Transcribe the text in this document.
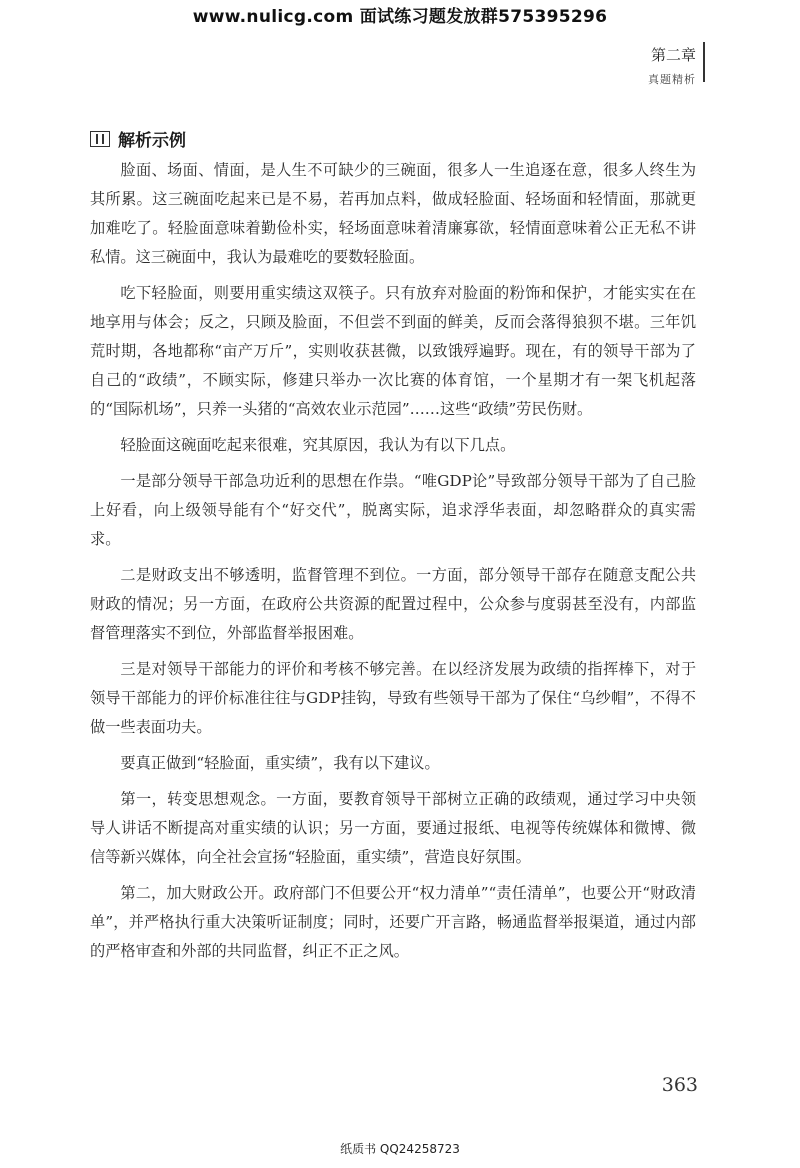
www.nulicg.com 面试练习题发放群575395296
第二章
真题精析
解析示例

脸面、场面、情面，是人生不可缺少的三碗面，很多人一生追逐在意，很多人终生为其所累。这三碗面吃起来已是不易，若再加点料，做成轻脸面、轻场面和轻情面，那就更加难吃了。轻脸面意味着勤俭朴实，轻场面意味着清廉寡欲，轻情面意味着公正无私不讲私情。这三碗面中，我认为最难吃的要数轻脸面。

吃下轻脸面，则要用重实绩这双筷子。只有放弃对脸面的粉饰和保护，才能实实在在地享用与体会；反之，只顾及脸面，不但尝不到面的鲜美，反而会落得狼狈不堪。三年饥荒时期，各地都称“亩产万斤”，实则收获甚微，以致饿殍遍野。现在，有的领导干部为了自己的“政绩”，不顾实际，修建只举办一次比赛的体育馆，一个星期才有一架飞机起落的“国际机场”，只养一头猪的“高效农业示范园”……这些“政绩”劳民伤财。

轻脸面这碗面吃起来很难，究其原因，我认为有以下几点。

一是部分领导干部急功近利的思想在作祟。“唯GDP论”导致部分领导干部为了自己脸上好看，向上级领导能有个“好交代”，脱离实际，追求浮华表面，却忽略群众的真实需求。

二是财政支出不够透明，监督管理不到位。一方面，部分领导干部存在随意支配公共财政的情况；另一方面，在政府公共资源的配置过程中，公众参与度弱甚至没有，内部监督管理落实不到位，外部监督举报困难。

三是对领导干部能力的评价和考核不够完善。在以经济发展为政绩的指挥棒下，对于领导干部能力的评价标准往往与GDP挂钩，导致有些领导干部为了保住“乌纱帽”，不得不做一些表面功夫。

要真正做到“轻脸面，重实绩”，我有以下建议。

第一，转变思想观念。一方面，要教育领导干部树立正确的政绩观，通过学习中央领导人讲话不断提高对重实绩的认识；另一方面，要通过报纸、电视等传统媒体和微博、微信等新兴媒体，向全社会宣扬“轻脸面，重实绩”，营造良好氛围。

第二，加大财政公开。政府部门不但要公开“权力清单”“责任清单”，也要公开“财政清单”，并严格执行重大决策听证制度；同时，还要广开言路，畅通监督举报渠道，通过内部的严格审查和外部的共同监督，纠正不正之风。

363
纸质书 QQ24258723
